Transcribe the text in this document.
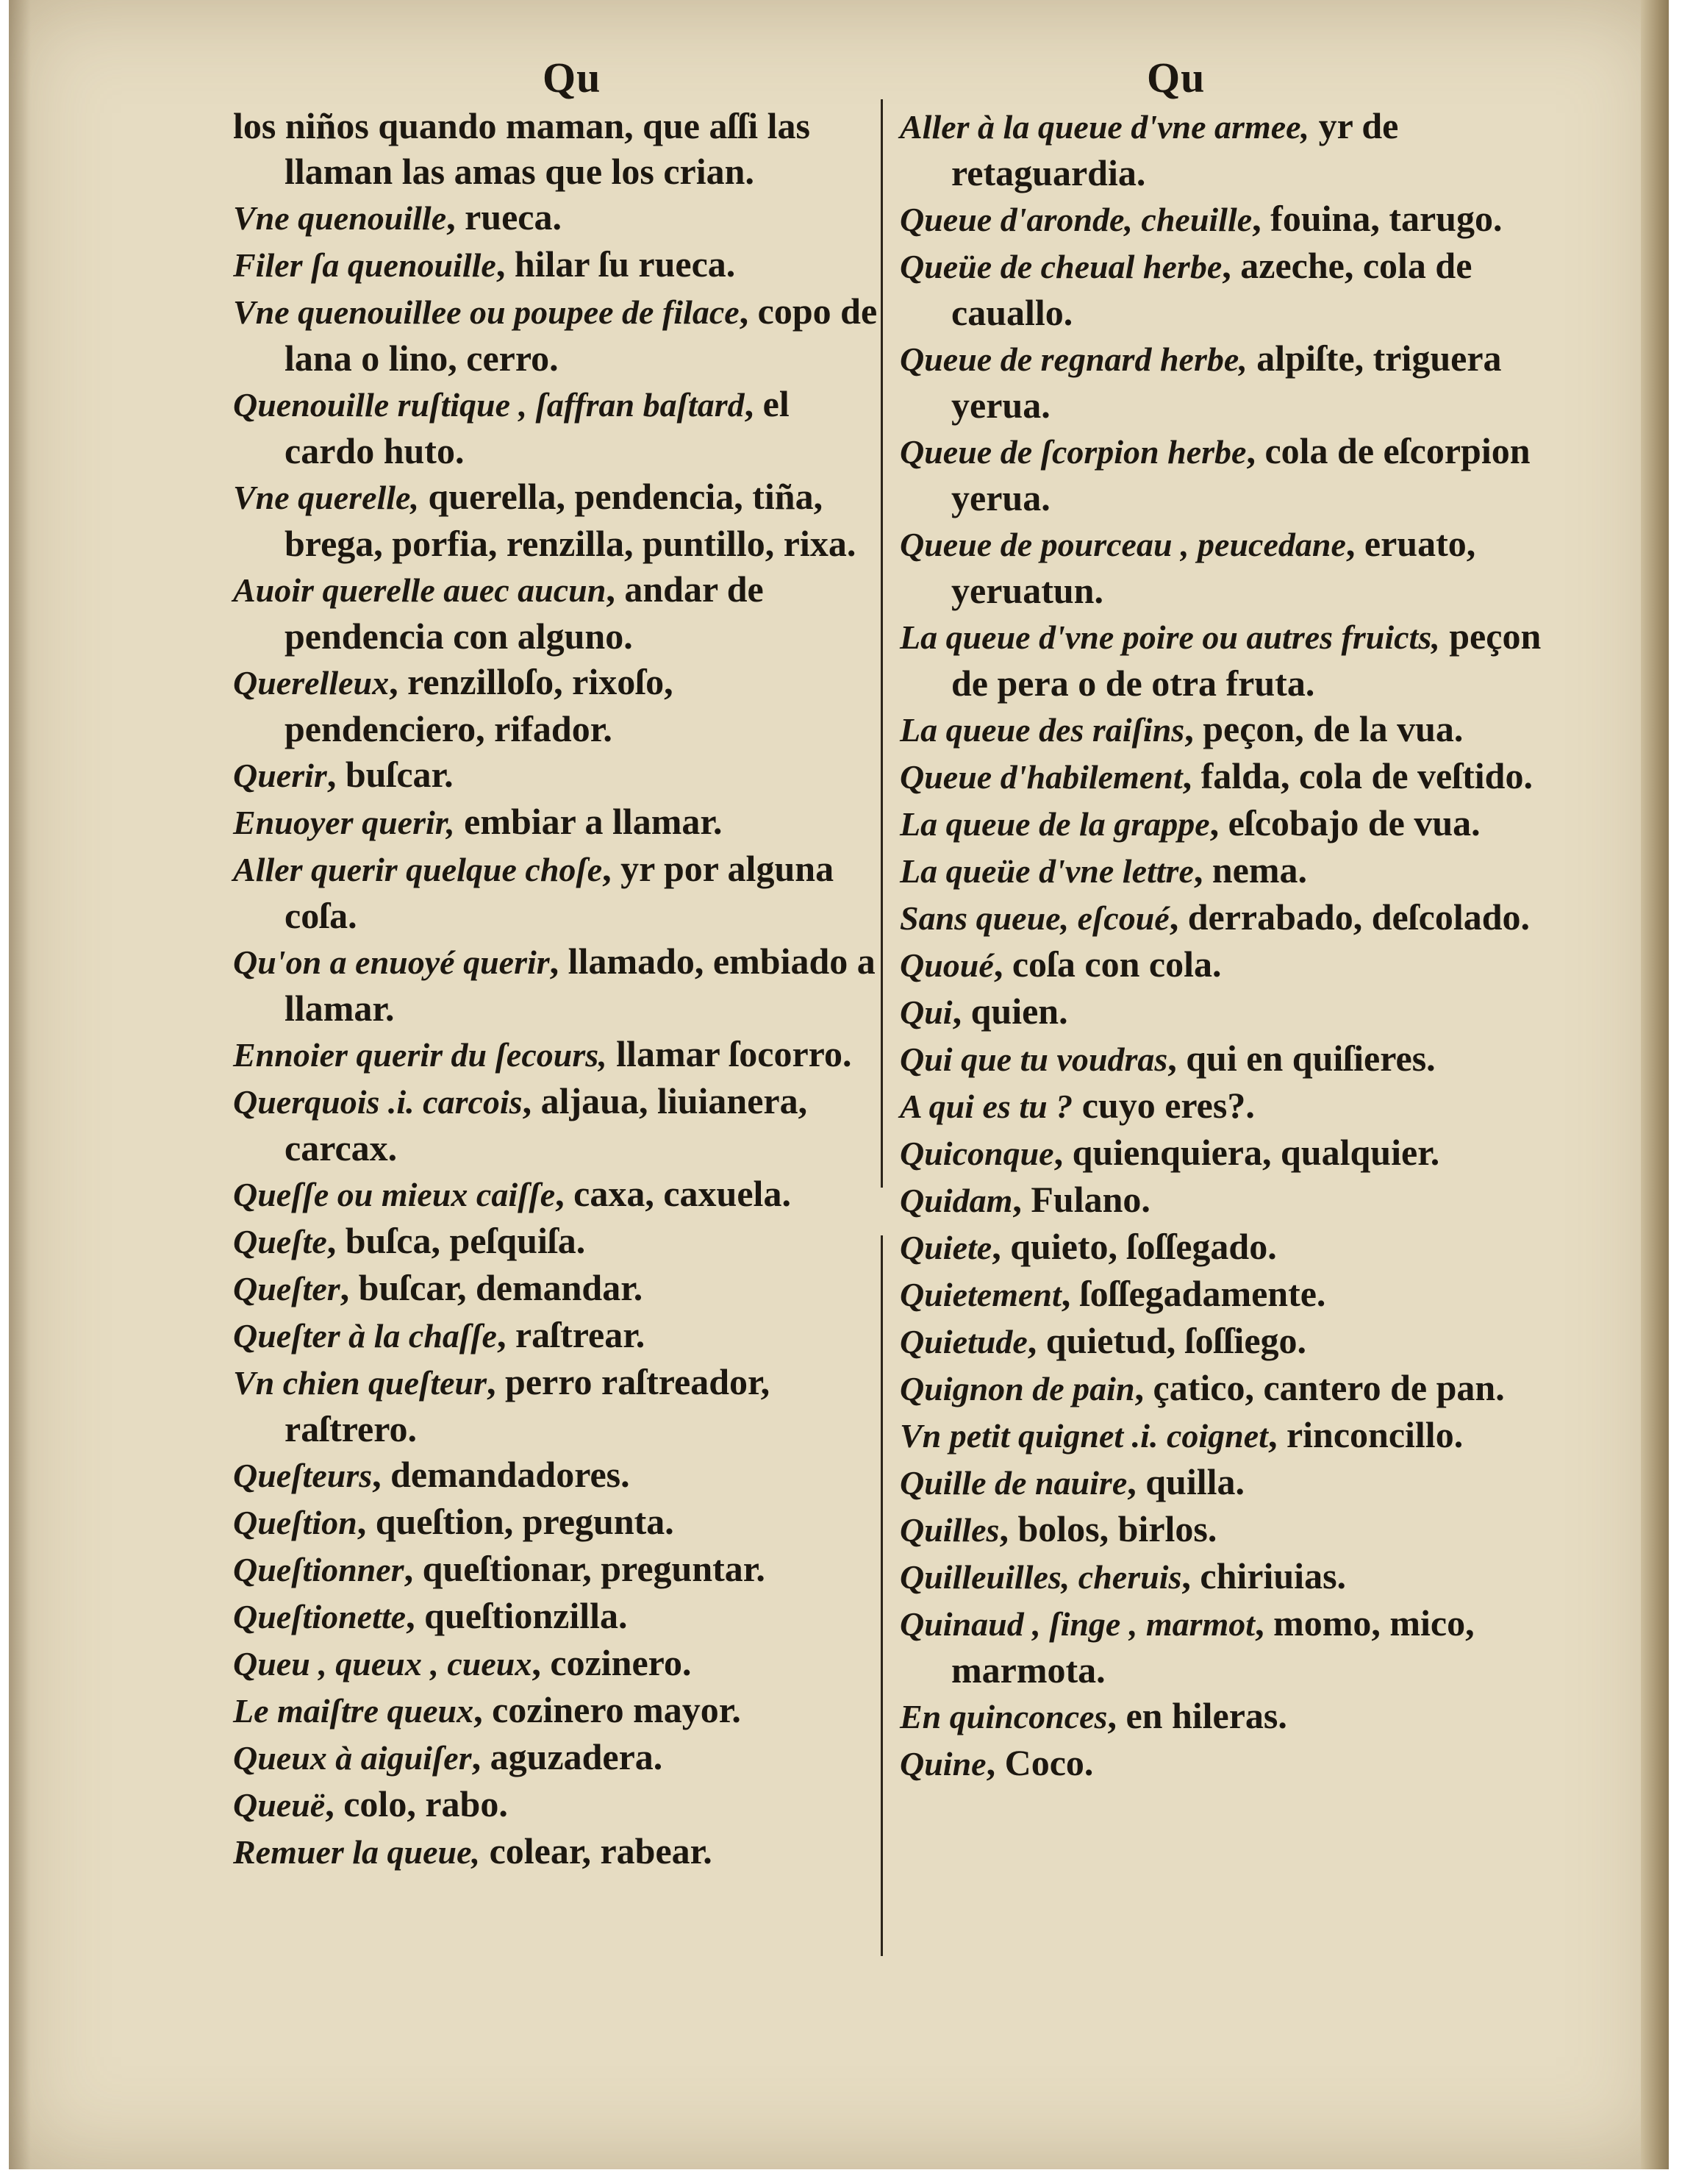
Qu	Qu
los niños quando maman, que aſſi las llaman las amas que los crian.
Vne quenouille, rueca.
Filer ſa quenouille, hilar ſu rueca.
Vne quenouillee ou poupee de filace, copo de lana o lino, cerro.
Quenouille ruſtique , ſaffran baſtard, el cardo huto.
Vne querelle, querella, pendencia, tiña, brega, porfia, renzilla, puntillo, rixa.
Auoir querelle auec aucun, andar de pendencia con alguno.
Querelleux, renzilloſo, rixoſo, pendenciero, rifador.
Querir, buſcar.
Enuoyer querir, embiar a llamar.
Aller querir quelque choſe, yr por alguna coſa.
Qu'on a enuoyé querir, llamado, embiado a llamar.
Ennoier querir du ſecours, llamar ſocorro.
Querquois .i. carcois, aljaua, liuianera, carcax.
Queſſe ou mieux caiſſe, caxa, caxuela.
Queſte, buſca, peſquiſa.
Queſter, buſcar, demandar.
Queſter à la chaſſe, raſtrear.
Vn chien queſteur, perro raſtreador, raſtrero.
Queſteurs, demandadores.
Queſtion, queſtion, pregunta.
Queſtionner, queſtionar, preguntar.
Queſtionette, queſtionzilla.
Queu , queux , cueux, cozinero.
Le maiſtre queux, cozinero mayor.
Queux à aiguiſer, aguzadera.
Queuë, colo, rabo.
Remuer la queue, colear, rabear.
Aller à la queue d'vne armee, yr de retaguardia.
Queue d'aronde, cheuille, fouina, tarugo.
Queüe de cheual herbe, azeche, cola de cauallo.
Queue de regnard herbe, alpiſte, triguera yerua.
Queue de ſcorpion herbe, cola de eſcorpion yerua.
Queue de pourceau , peucedane, eruato, yeruatun.
La queue d'vne poire ou autres fruicts, peçon de pera o de otra fruta.
La queue des raiſins, peçon, de la vua.
Queue d'habilement, falda, cola de veſtido.
La queue de la grappe, eſcobajo de vua.
La queüe d'vne lettre, nema.
Sans queue, eſcoué, derrabado, deſcolado.
Quoué, coſa con cola.
Qui, quien.
Qui que tu voudras, qui en quiſieres.
A qui es tu ? cuyo eres?.
Quiconque, quienquiera, qualquier.
Quidam, Fulano.
Quiete, quieto, ſoſſegado.
Quietement, ſoſſegadamente.
Quietude, quietud, ſoſſiego.
Quignon de pain, çatico, cantero de pan.
Vn petit quignet .i. coignet, rinconcillo.
Quille de nauire, quilla.
Quilles, bolos, birlos.
Quilleuilles, cheruis, chiriuias.
Quinaud , ſinge , marmot, momo, mico, marmota.
En quinconces, en hileras.
Quine, Coco.
